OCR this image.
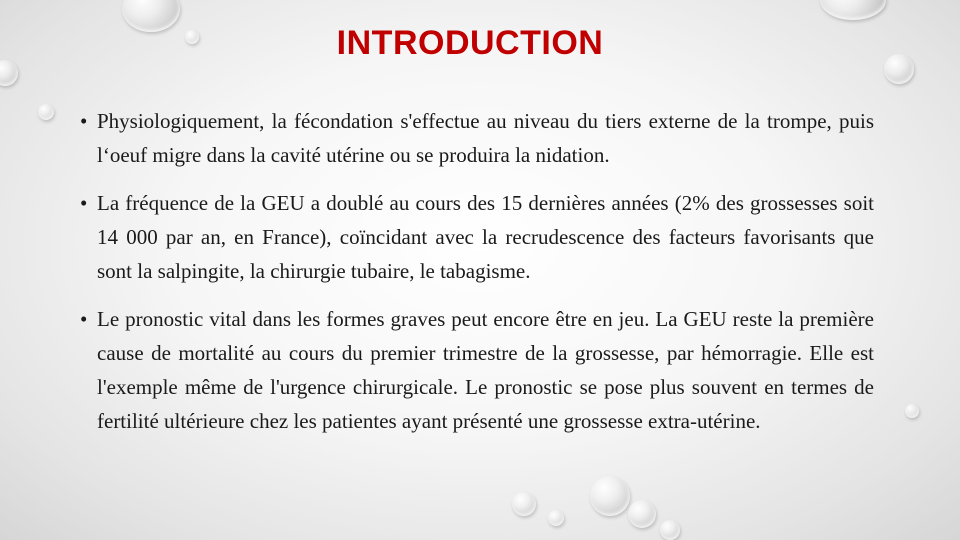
INTRODUCTION
• Physiologiquement, la fécondation s'effectue au niveau du tiers externe de la trompe, puis l‘oeuf migre dans la cavité utérine ou se produira la nidation.
• La fréquence de la GEU a doublé au cours des 15 dernières années (2% des grossesses soit 14 000 par an, en France), coïncidant avec la recrudescence des facteurs favorisants que sont la salpingite, la chirurgie tubaire, le tabagisme.
• Le pronostic vital dans les formes graves peut encore être en jeu. La GEU reste la première cause de mortalité au cours du premier trimestre de la grossesse, par hémorragie. Elle est l'exemple même de l'urgence chirurgicale. Le pronostic se pose plus souvent en termes de fertilité ultérieure chez les patientes ayant présenté une grossesse extra-utérine.
